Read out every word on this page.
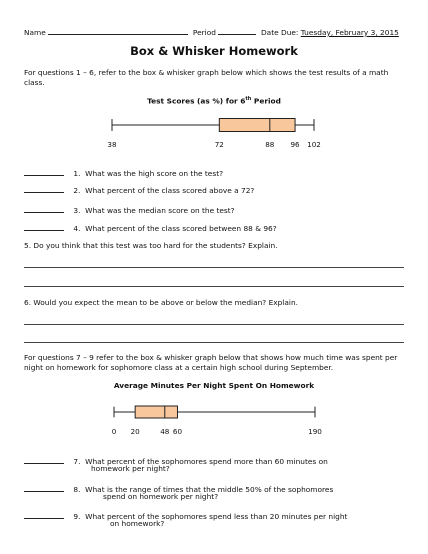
Name	Period	Date Due: Tuesday, February 3, 2015
Box & Whisker Homework
For questions 1 – 6, refer to the box & whisker graph below which shows the test results of a math class.
Test Scores (as %) for 6th Period
38	72	88 96 102
1. What was the high score on the test?
2. What percent of the class scored above a 72?
3. What was the median score on the test?
4. What percent of the class scored between 88 & 96?
5. Do you think that this test was too hard for the students? Explain.
6. Would you expect the mean to be above or below the median? Explain.
For questions 7 – 9 refer to the box & whisker graph below that shows how much time was spent per night on homework for sophomore class at a certain high school during September.
Average Minutes Per Night Spent On Homework
0 20	48 60	190
7. What percent of the sophomores spend more than 60 minutes on
homework per night?
8. What is the range of times that the middle 50% of the sophomores
spend on homework per night?
9. What percent of the sophomores spend less than 20 minutes per night
on homework?
